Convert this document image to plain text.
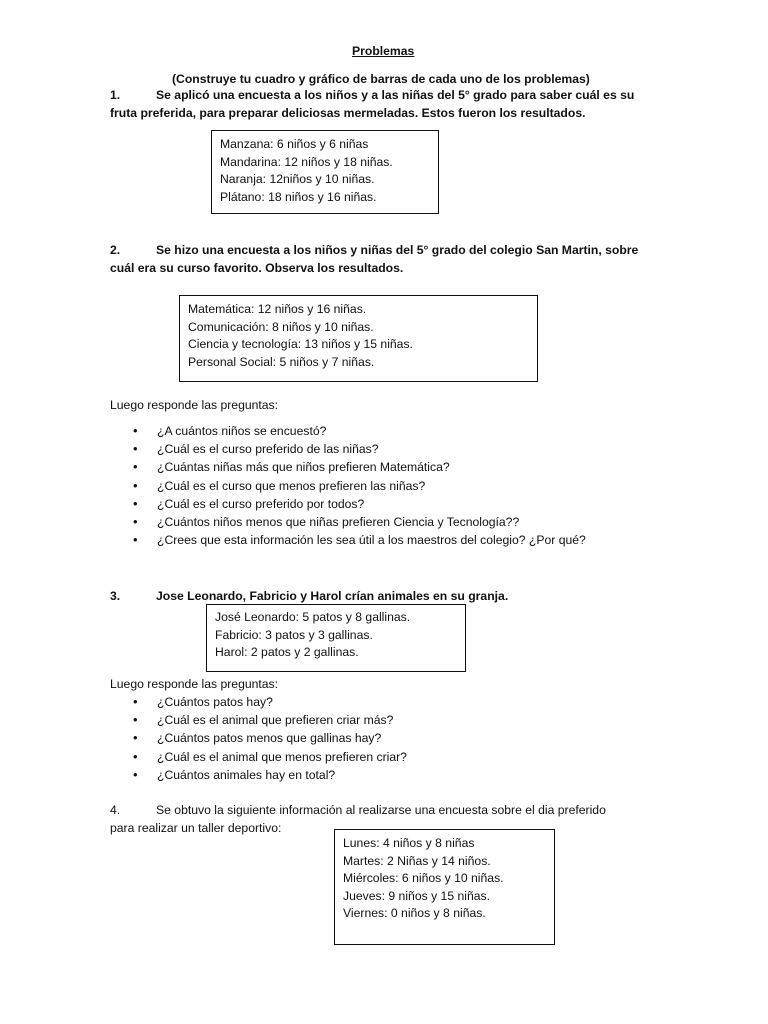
Problemas
(Construye tu cuadro y gráfico de barras de cada uno de los problemas)
1.	Se aplicó una encuesta a los niños y a las niñas del 5° grado para saber cuál es su
fruta preferida, para preparar deliciosas mermeladas. Estos fueron los resultados.
Manzana: 6 niños y 6 niñas
Mandarina: 12 niños y 18 niñas.
Naranja: 12niños y 10 niñas.
Plátano: 18 niños y 16 niñas.
2.	Se hizo una encuesta a los niños y niñas del 5° grado del colegio San Martin, sobre
cuál era su curso favorito. Observa los resultados.
Matemática: 12 niños y 16 niñas.
Comunicación: 8 niños y 10 niñas.
Ciencia y tecnología: 13 niños y 15 niñas.
Personal Social: 5 niños y 7 niñas.
Luego responde las preguntas:
• ¿A cuántos niños se encuestó?
• ¿Cuál es el curso preferido de las niñas?
• ¿Cuántas niñas más que niños prefieren Matemática?
• ¿Cuál es el curso que menos prefieren las niñas?
• ¿Cuál es el curso preferido por todos?
• ¿Cuántos niños menos que niñas prefieren Ciencia y Tecnología??
• ¿Crees que esta información les sea útil a los maestros del colegio? ¿Por qué?
3.	Jose Leonardo, Fabricio y Harol crían animales en su granja.
José Leonardo: 5 patos y 8 gallinas.
Fabricio: 3 patos y 3 gallinas.
Harol: 2 patos y 2 gallinas.
Luego responde las preguntas:
• ¿Cuántos patos hay?
• ¿Cuál es el animal que prefieren criar más?
• ¿Cuántos patos menos que gallinas hay?
• ¿Cuál es el animal que menos prefieren criar?
• ¿Cuántos animales hay en total?
4.	Se obtuvo la siguiente información al realizarse una encuesta sobre el dia preferido
para realizar un taller deportivo:
Lunes: 4 niños y 8 niñas
Martes: 2 Niñas y 14 niños.
Miércoles: 6 niños y 10 niñas.
Jueves: 9 niños y 15 niñas.
Viernes: 0 niños y 8 niñas.
